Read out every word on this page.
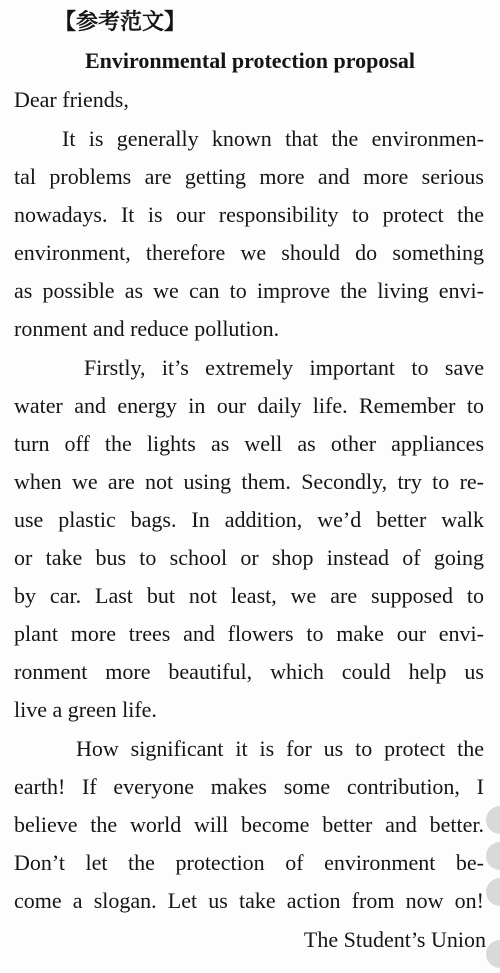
【参考范文】
Environmental protection proposal
Dear friends,
It is generally known that the environmen-
tal problems are getting more and more serious
nowadays. It is our responsibility to protect the
environment, therefore we should do something
as possible as we can to improve the living envi-
ronment and reduce pollution.
Firstly, it’s extremely important to save
water and energy in our daily life. Remember to
turn off the lights as well as other appliances
when we are not using them. Secondly, try to re-
use plastic bags. In addition, we’d better walk
or take bus to school or shop instead of going
by car. Last but not least, we are supposed to
plant more trees and flowers to make our envi-
ronment more beautiful, which could help us
live a green life.
How significant it is for us to protect the
earth! If everyone makes some contribution, I
believe the world will become better and better.
Don’t let the protection of environment be-
come a slogan. Let us take action from now on!
The Student’s Union
